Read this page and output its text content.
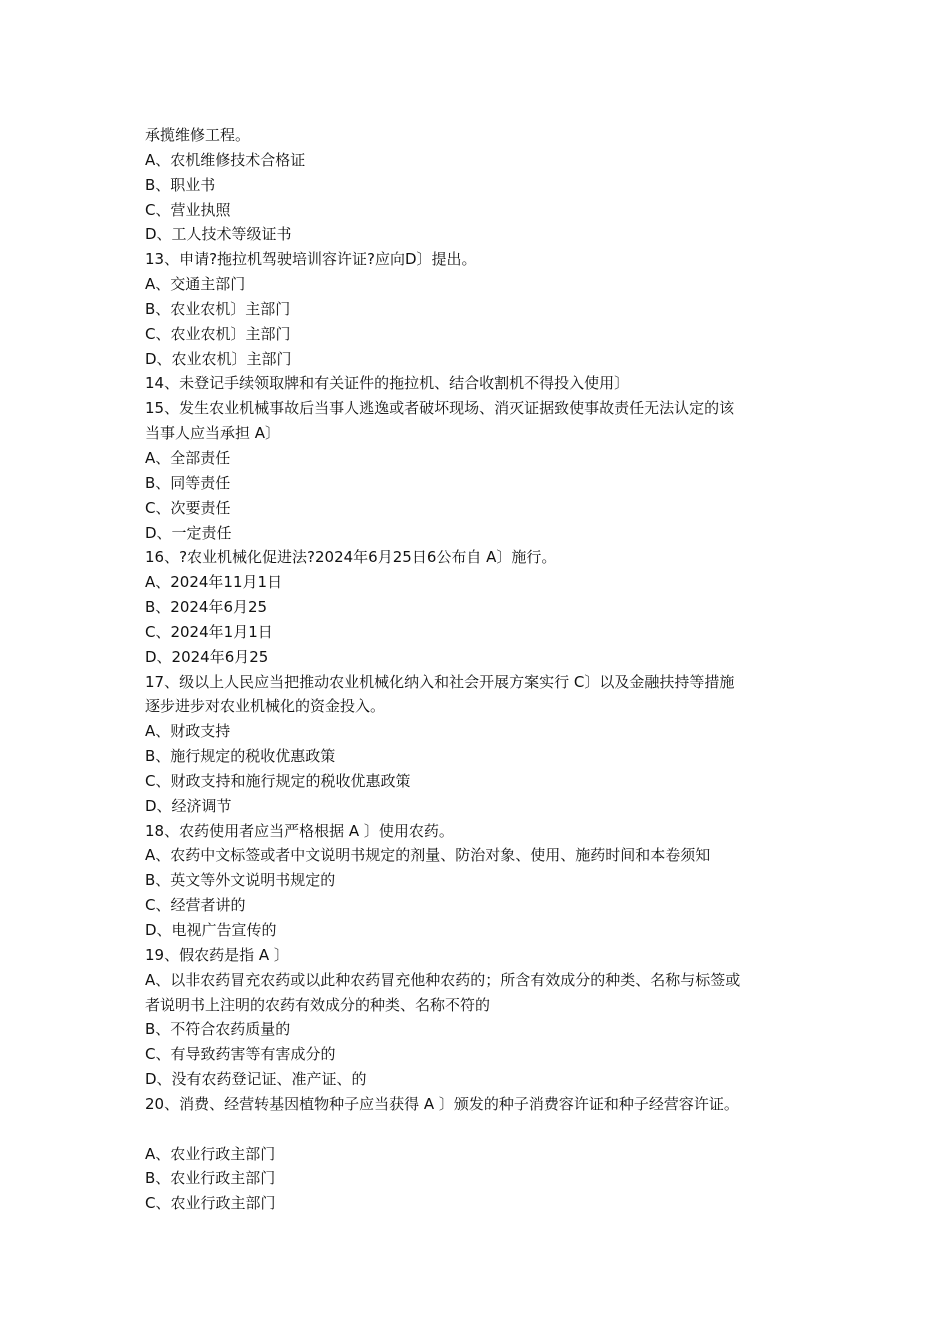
承揽维修工程。
A、农机维修技术合格证
B、职业书
C、营业执照
D、工人技术等级证书
13、申请?拖拉机驾驶培训容许证?应向D〕提出。
A、交通主部门
B、农业农机〕主部门
C、农业农机〕主部门
D、农业农机〕主部门
14、未登记手续领取牌和有关证件的拖拉机、结合收割机不得投入使用〕
15、发生农业机械事故后当事人逃逸或者破坏现场、消灭证据致使事故责任无法认定的该
当事人应当承担 A〕
A、全部责任
B、同等责任
C、次要责任
D、一定责任
16、?农业机械化促进法?2024年6月25日6公布自 A〕施行。
A、2024年11月1日
B、2024年6月25
C、2024年1月1日
D、2024年6月25
17、级以上人民应当把推动农业机械化纳入和社会开展方案实行 C〕以及金融扶持等措施
逐步进步对农业机械化的资金投入。
A、财政支持
B、施行规定的税收优惠政策
C、财政支持和施行规定的税收优惠政策
D、经济调节
18、农药使用者应当严格根据 A 〕使用农药。
A、农药中文标签或者中文说明书规定的剂量、防治对象、使用、施药时间和本卷须知
B、英文等外文说明书规定的
C、经营者讲的
D、电视广告宣传的
19、假农药是指 A 〕
A、以非农药冒充农药或以此种农药冒充他种农药的；所含有效成分的种类、名称与标签或
者说明书上注明的农药有效成分的种类、名称不符的
B、不符合农药质量的
C、有导致药害等有害成分的
D、没有农药登记证、准产证、的
20、消费、经营转基因植物种子应当获得 A 〕颁发的种子消费容许证和种子经营容许证。
A、农业行政主部门
B、农业行政主部门
C、农业行政主部门
